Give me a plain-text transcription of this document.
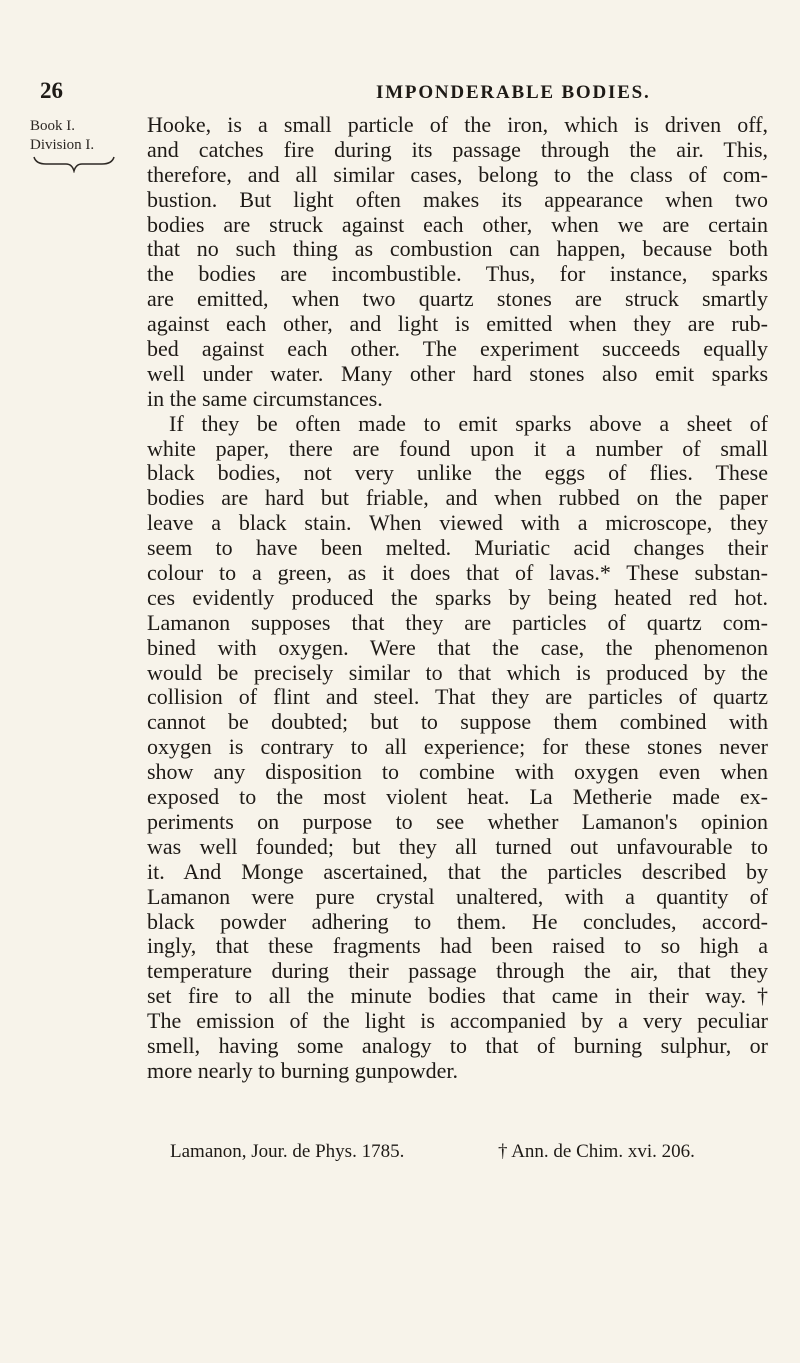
26	IMPONDERABLE BODIES.
Book I.
Division I.
Hooke, is a small particle of the iron, which is driven off,
and catches fire during its passage through the air. This,
therefore, and all similar cases, belong to the class of com-
bustion. But light often makes its appearance when two
bodies are struck against each other, when we are certain
that no such thing as combustion can happen, because both
the bodies are incombustible. Thus, for instance, sparks
are emitted, when two quartz stones are struck smartly
against each other, and light is emitted when they are rub-
bed against each other. The experiment succeeds equally
well under water. Many other hard stones also emit sparks
in the same circumstances.
If they be often made to emit sparks above a sheet of
white paper, there are found upon it a number of small
black bodies, not very unlike the eggs of flies. These
bodies are hard but friable, and when rubbed on the paper
leave a black stain. When viewed with a microscope, they
seem to have been melted. Muriatic acid changes their
colour to a green, as it does that of lavas.* These substan-
ces evidently produced the sparks by being heated red hot.
Lamanon supposes that they are particles of quartz com-
bined with oxygen. Were that the case, the phenomenon
would be precisely similar to that which is produced by the
collision of flint and steel. That they are particles of quartz
cannot be doubted; but to suppose them combined with
oxygen is contrary to all experience; for these stones never
show any disposition to combine with oxygen even when
exposed to the most violent heat. La Metherie made ex-
periments on purpose to see whether Lamanon's opinion
was well founded; but they all turned out unfavourable to
it. And Monge ascertained, that the particles described by
Lamanon were pure crystal unaltered, with a quantity of
black powder adhering to them. He concludes, accord-
ingly, that these fragments had been raised to so high a
temperature during their passage through the air, that they
set fire to all the minute bodies that came in their way.†
The emission of the light is accompanied by a very peculiar
smell, having some analogy to that of burning sulphur, or
more nearly to burning gunpowder.
Lamanon, Jour. de Phys. 1785.	† Ann. de Chim. xvi. 206.
